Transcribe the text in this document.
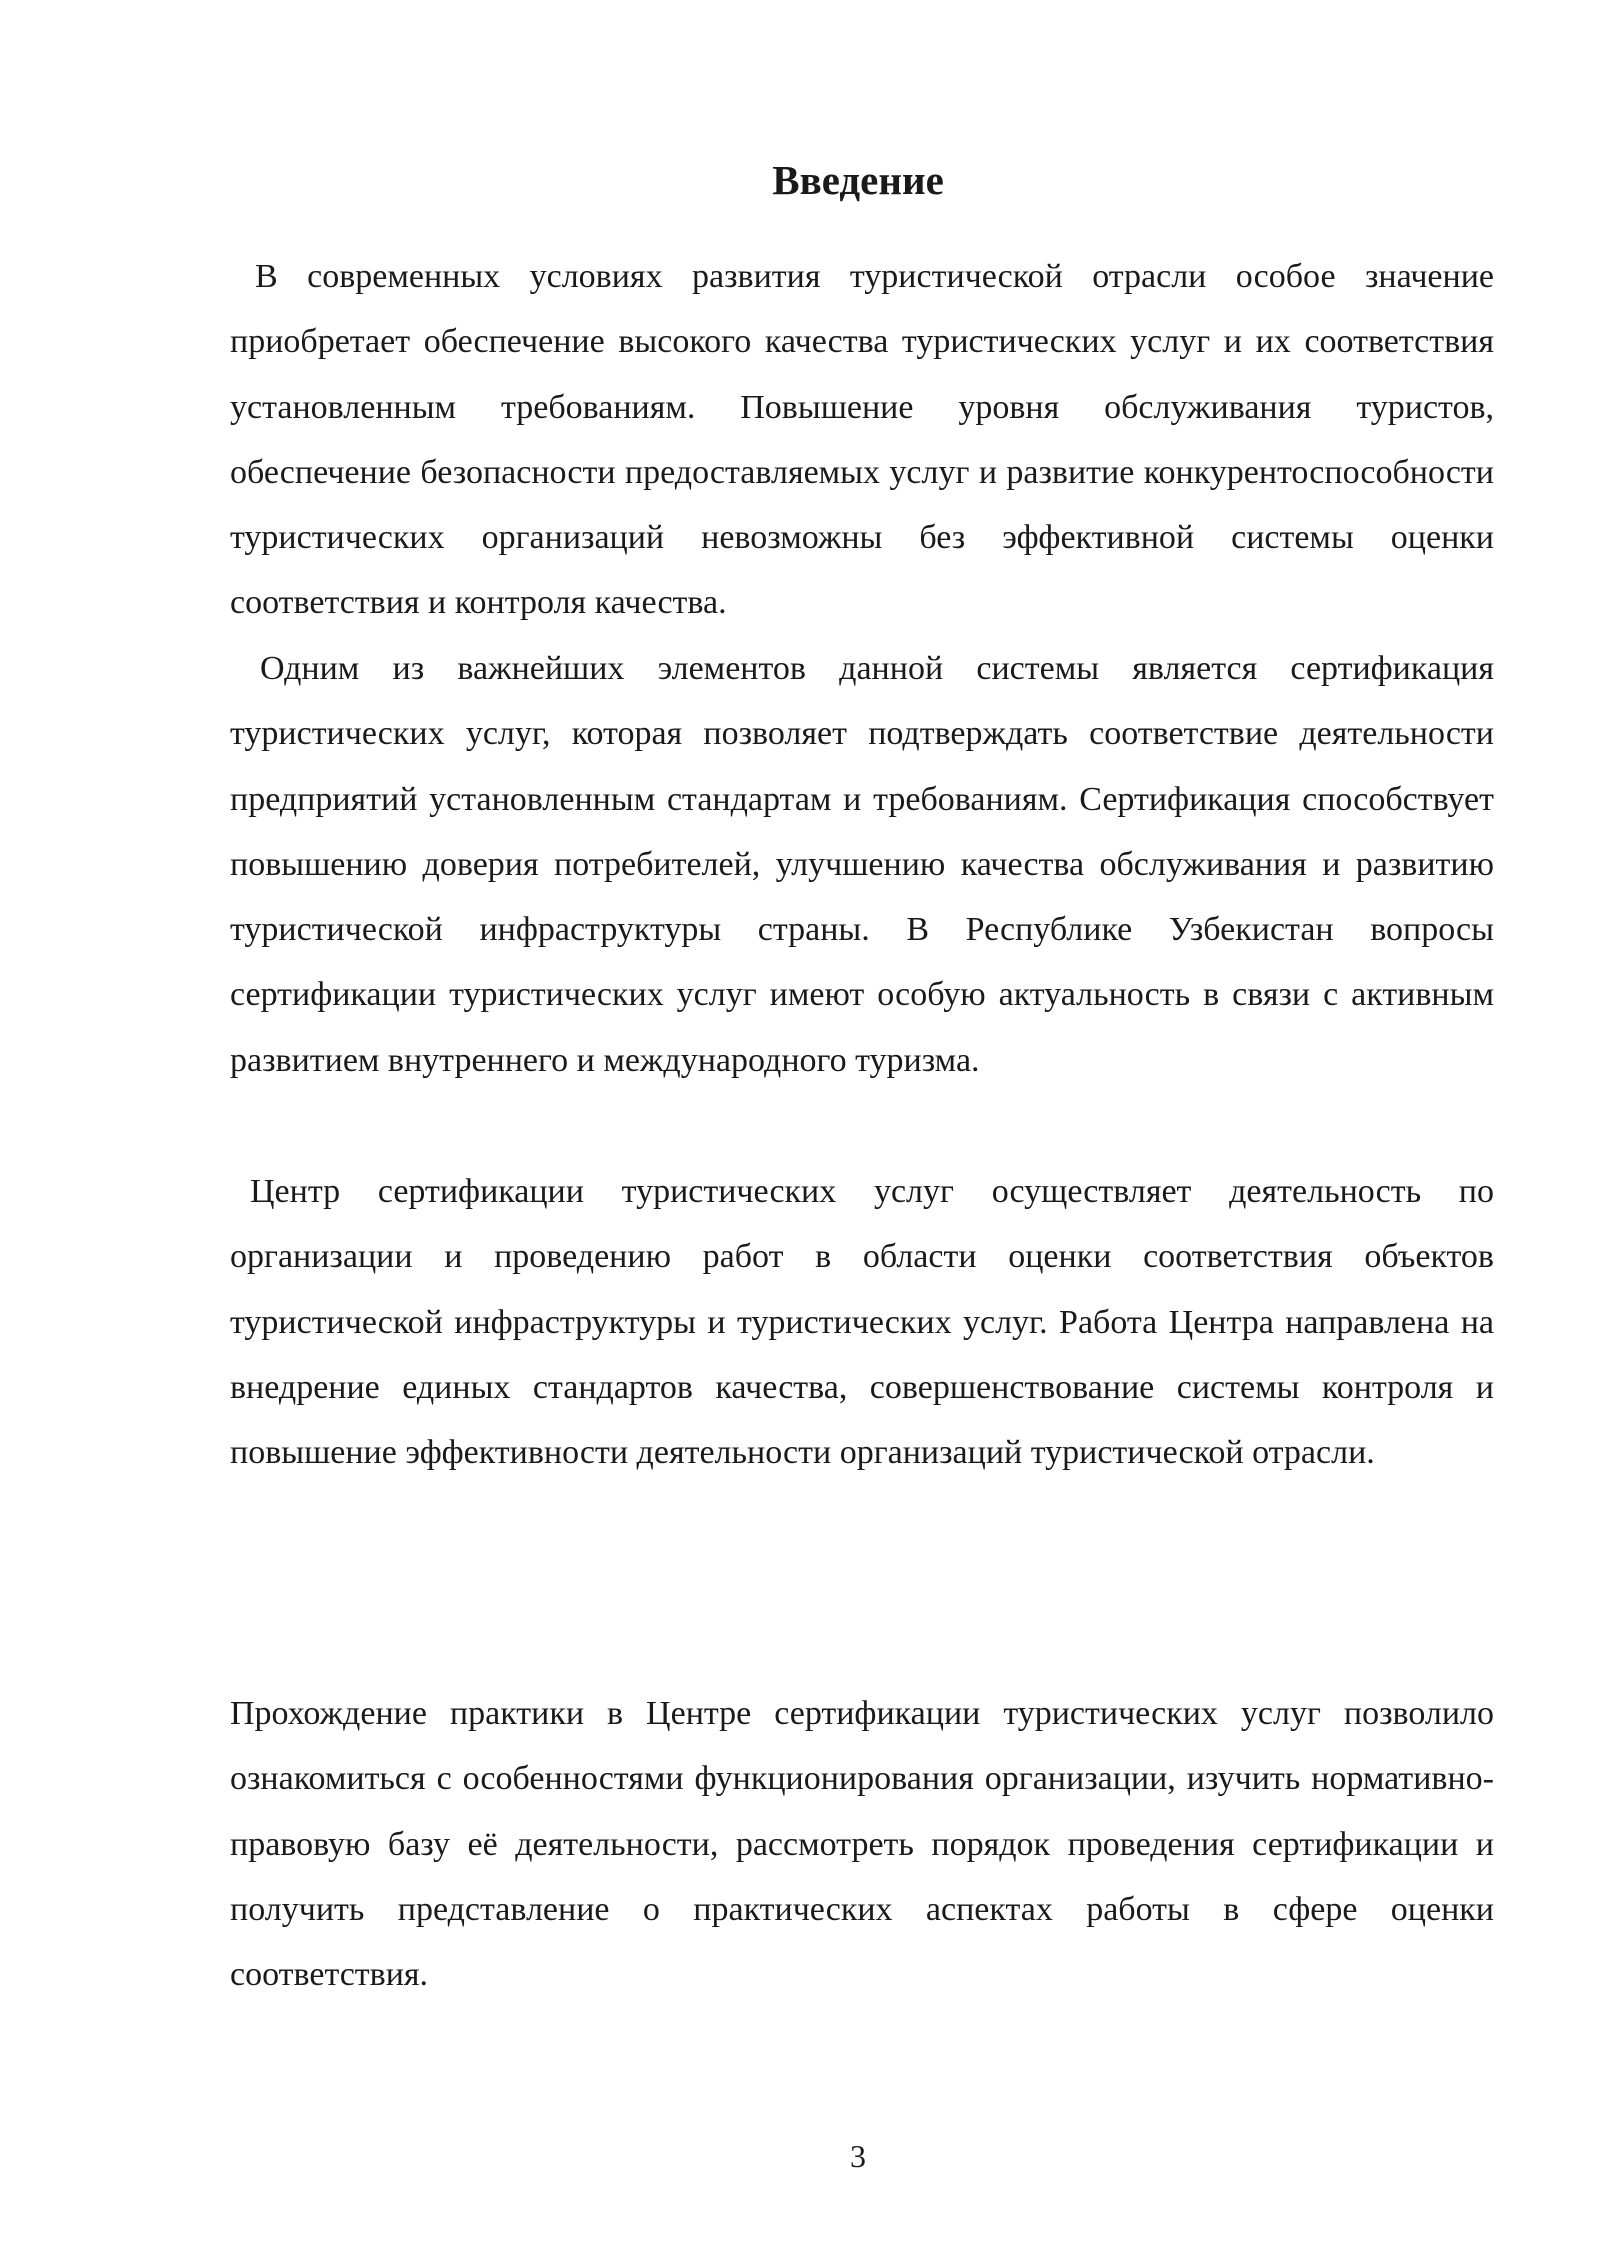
Введение

В современных условиях развития туристической отрасли особое значение приобретает обеспечение высокого качества туристических услуг и их соответствия установленным требованиям. Повышение уровня обслуживания туристов, обеспечение безопасности предоставляемых услуг и развитие конкурентоспособности туристических организаций невозможны без эффективной системы оценки соответствия и контроля качества.

Одним из важнейших элементов данной системы является сертификация туристических услуг, которая позволяет подтверждать соответствие деятельности предприятий установленным стандартам и требованиям. Сертификация способствует повышению доверия потребителей, улучшению качества обслуживания и развитию туристической инфраструктуры страны. В Республике Узбекистан вопросы сертификации туристических услуг имеют особую актуальность в связи с активным развитием внутреннего и международного туризма.

Центр сертификации туристических услуг осуществляет деятельность по организации и проведению работ в области оценки соответствия объектов туристической инфраструктуры и туристических услуг. Работа Центра направлена на внедрение единых стандартов качества, совершенствование системы контроля и повышение эффективности деятельности организаций туристической отрасли.

Прохождение практики в Центре сертификации туристических услуг позволило ознакомиться с особенностями функционирования организации, изучить нормативно-правовую базу её деятельности, рассмотреть порядок проведения сертификации и получить представление о практических аспектах работы в сфере оценки соответствия.

3
